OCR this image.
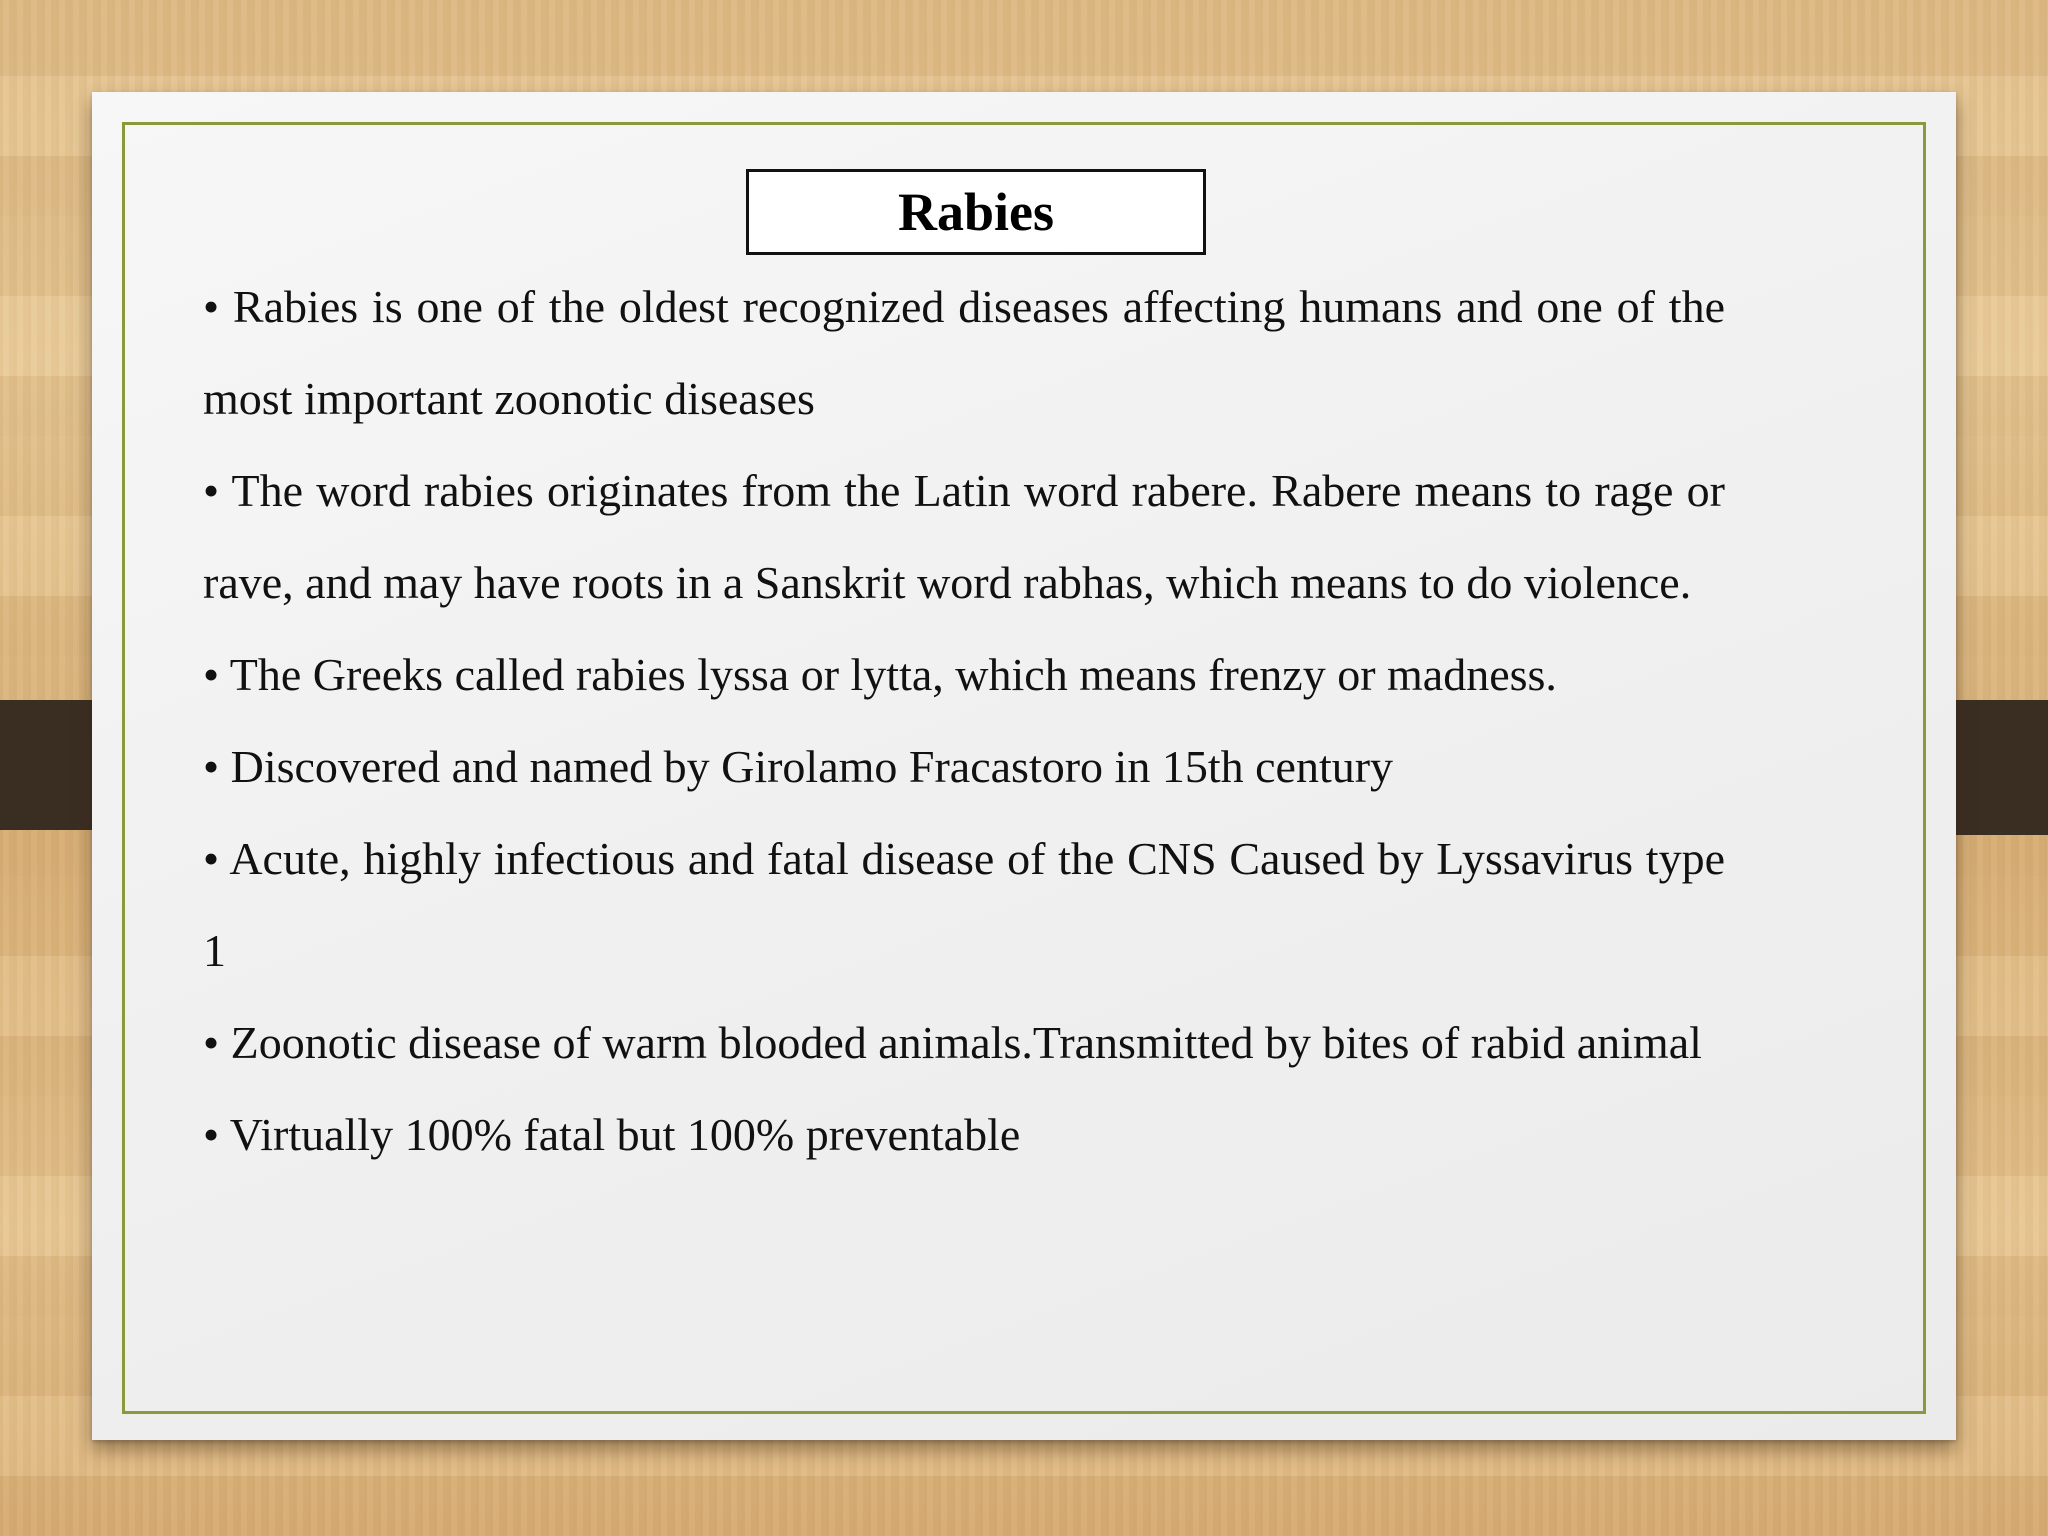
Rabies

• Rabies is one of the oldest recognized diseases affecting humans and one of the most important zoonotic diseases

• The word rabies originates from the Latin word rabere. Rabere means to rage or rave, and may have roots in a Sanskrit word rabhas, which means to do violence.

• The Greeks called rabies lyssa or lytta, which means frenzy or madness.

• Discovered and named by Girolamo Fracastoro in 15th century

• Acute, highly infectious and fatal disease of the CNS Caused by Lyssavirus type 1

• Zoonotic disease of warm blooded animals.Transmitted by bites of rabid animal

• Virtually 100% fatal but 100% preventable
